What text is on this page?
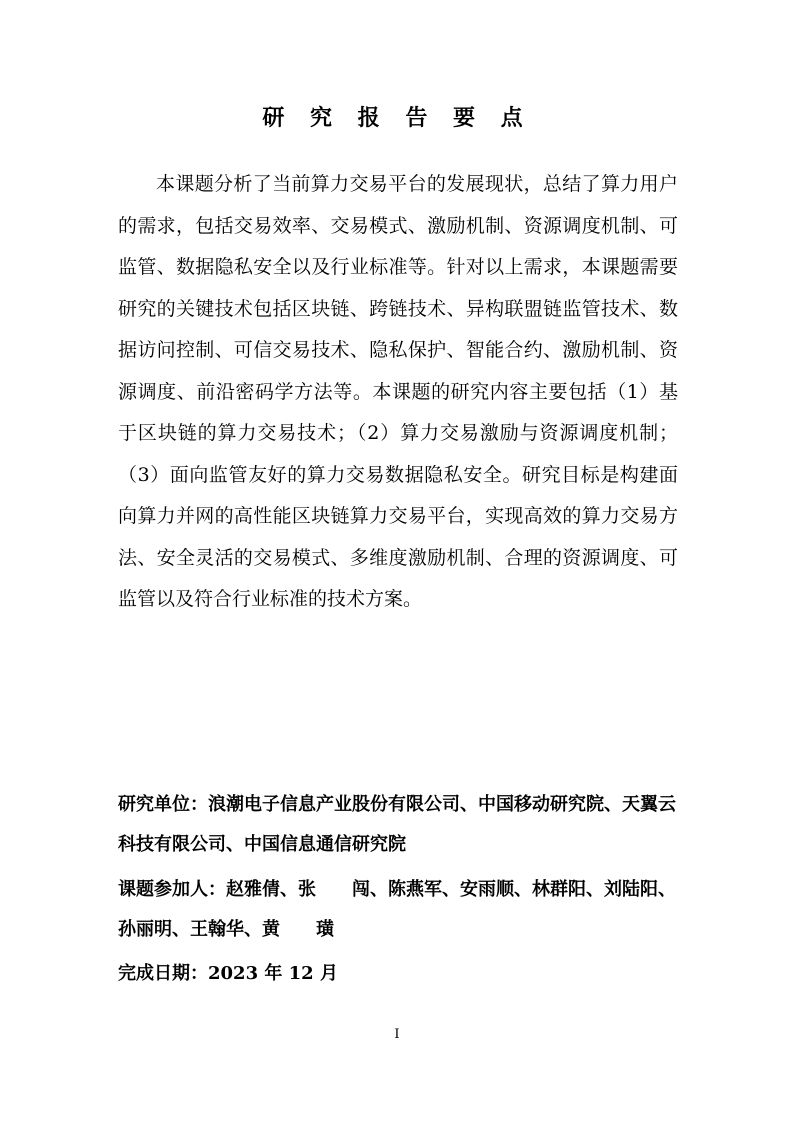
研 究 报 告 要 点

本课题分析了当前算力交易平台的发展现状，总结了算力用户的需求，包括交易效率、交易模式、激励机制、资源调度机制、可监管、数据隐私安全以及行业标准等。针对以上需求，本课题需要研究的关键技术包括区块链、跨链技术、异构联盟链监管技术、数据访问控制、可信交易技术、隐私保护、智能合约、激励机制、资源调度、前沿密码学方法等。本课题的研究内容主要包括（1）基于区块链的算力交易技术；（2）算力交易激励与资源调度机制；（3）面向监管友好的算力交易数据隐私安全。研究目标是构建面向算力并网的高性能区块链算力交易平台，实现高效的算力交易方法、安全灵活的交易模式、多维度激励机制、合理的资源调度、可监管以及符合行业标准的技术方案。

研究单位：浪潮电子信息产业股份有限公司、中国移动研究院、天翼云科技有限公司、中国信息通信研究院

课题参加人：赵雅倩、张　　闯、陈燕军、安雨顺、林群阳、刘陆阳、孙丽明、王翰华、黄　　璜

完成日期：2023 年 12 月

I
